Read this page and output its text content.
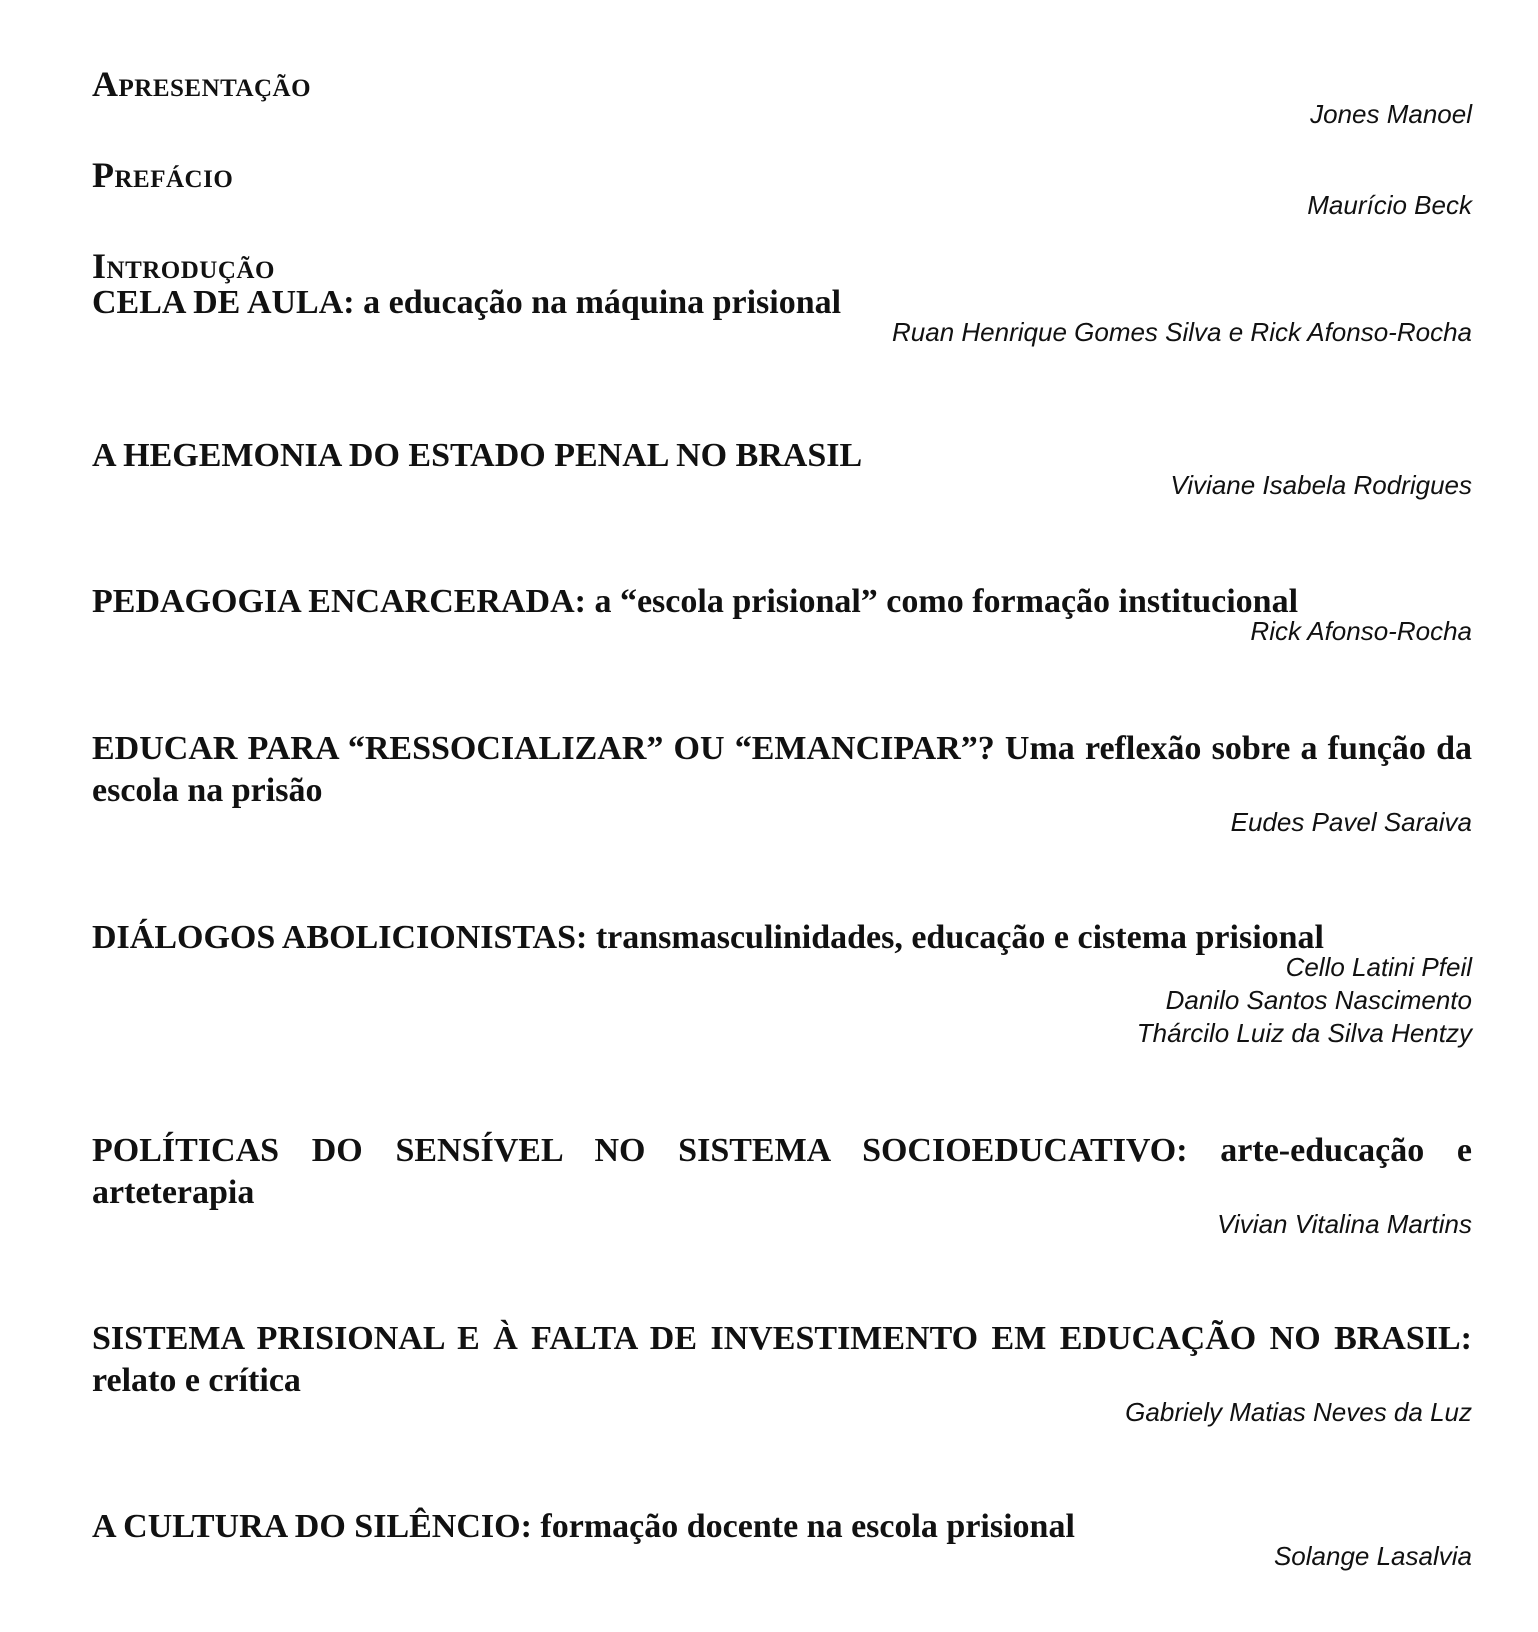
Apresentação
Jones Manoel
Prefácio
Maurício Beck
Introdução
CELA DE AULA: a educação na máquina prisional
Ruan Henrique Gomes Silva e Rick Afonso-Rocha
A HEGEMONIA DO ESTADO PENAL NO BRASIL
Viviane Isabela Rodrigues
PEDAGOGIA ENCARCERADA: a “escola prisional” como formação institucional
Rick Afonso-Rocha
EDUCAR PARA “RESSOCIALIZAR” OU “EMANCIPAR”? Uma reflexão sobre a função da escola na prisão
Eudes Pavel Saraiva
DIÁLOGOS ABOLICIONISTAS: transmasculinidades, educação e cistema prisional
Cello Latini Pfeil
Danilo Santos Nascimento
Thárcilo Luiz da Silva Hentzy
POLÍTICAS DO SENSÍVEL NO SISTEMA SOCIOEDUCATIVO: arte-educação e arteterapia
Vivian Vitalina Martins
SISTEMA PRISIONAL E À FALTA DE INVESTIMENTO EM EDUCAÇÃO NO BRASIL: relato e crítica
Gabriely Matias Neves da Luz
A CULTURA DO SILÊNCIO: formação docente na escola prisional
Solange Lasalvia
